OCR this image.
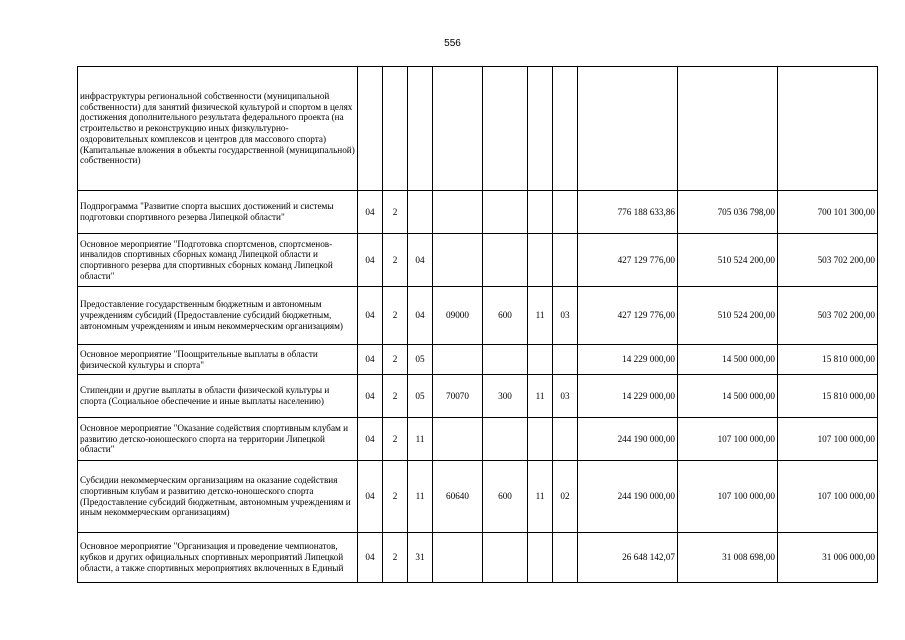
556
инфраструктуры региональной собственности (муниципальной собственности) для занятий физической культурой и спортом в целях достижения дополнительного результата федерального проекта (на строительство и реконструкцию иных физкультурно-оздоровительных комплексов и центров для массового спорта) (Капитальные вложения в объекты государственной (муниципальной) собственности)										
Подпрограмма "Развитие спорта высших достижений и системы подготовки спортивного резерва Липецкой области"	04	2						776 188 633,86	705 036 798,00	700 101 300,00
Основное мероприятие "Подготовка спортсменов, спортсменов-инвалидов спортивных сборных команд Липецкой области и спортивного резерва для спортивных сборных команд Липецкой области"	04	2	04					427 129 776,00	510 524 200,00	503 702 200,00
Предоставление государственным бюджетным и автономным учреждениям субсидий (Предоставление субсидий бюджетным, автономным учреждениям и иным некоммерческим организациям)	04	2	04	09000	600	11	03	427 129 776,00	510 524 200,00	503 702 200,00
Основное мероприятие "Поощрительные выплаты в области физической культуры и спорта"	04	2	05					14 229 000,00	14 500 000,00	15 810 000,00
Стипендии и другие выплаты в области физической культуры и спорта (Социальное обеспечение и иные выплаты населению)	04	2	05	70070	300	11	03	14 229 000,00	14 500 000,00	15 810 000,00
Основное мероприятие "Оказание содействия спортивным клубам и развитию детско-юношеского спорта на территории Липецкой области"	04	2	11					244 190 000,00	107 100 000,00	107 100 000,00
Субсидии некоммерческим организациям на оказание содействия спортивным клубам и развитию детско-юношеского спорта (Предоставление субсидий бюджетным, автономным учреждениям и иным некоммерческим организациям)	04	2	11	60640	600	11	02	244 190 000,00	107 100 000,00	107 100 000,00
Основное мероприятие "Организация и проведение чемпионатов, кубков и других официальных спортивных мероприятий Липецкой области, а также спортивных мероприятиях включенных в Единый	04	2	31					26 648 142,07	31 008 698,00	31 006 000,00
